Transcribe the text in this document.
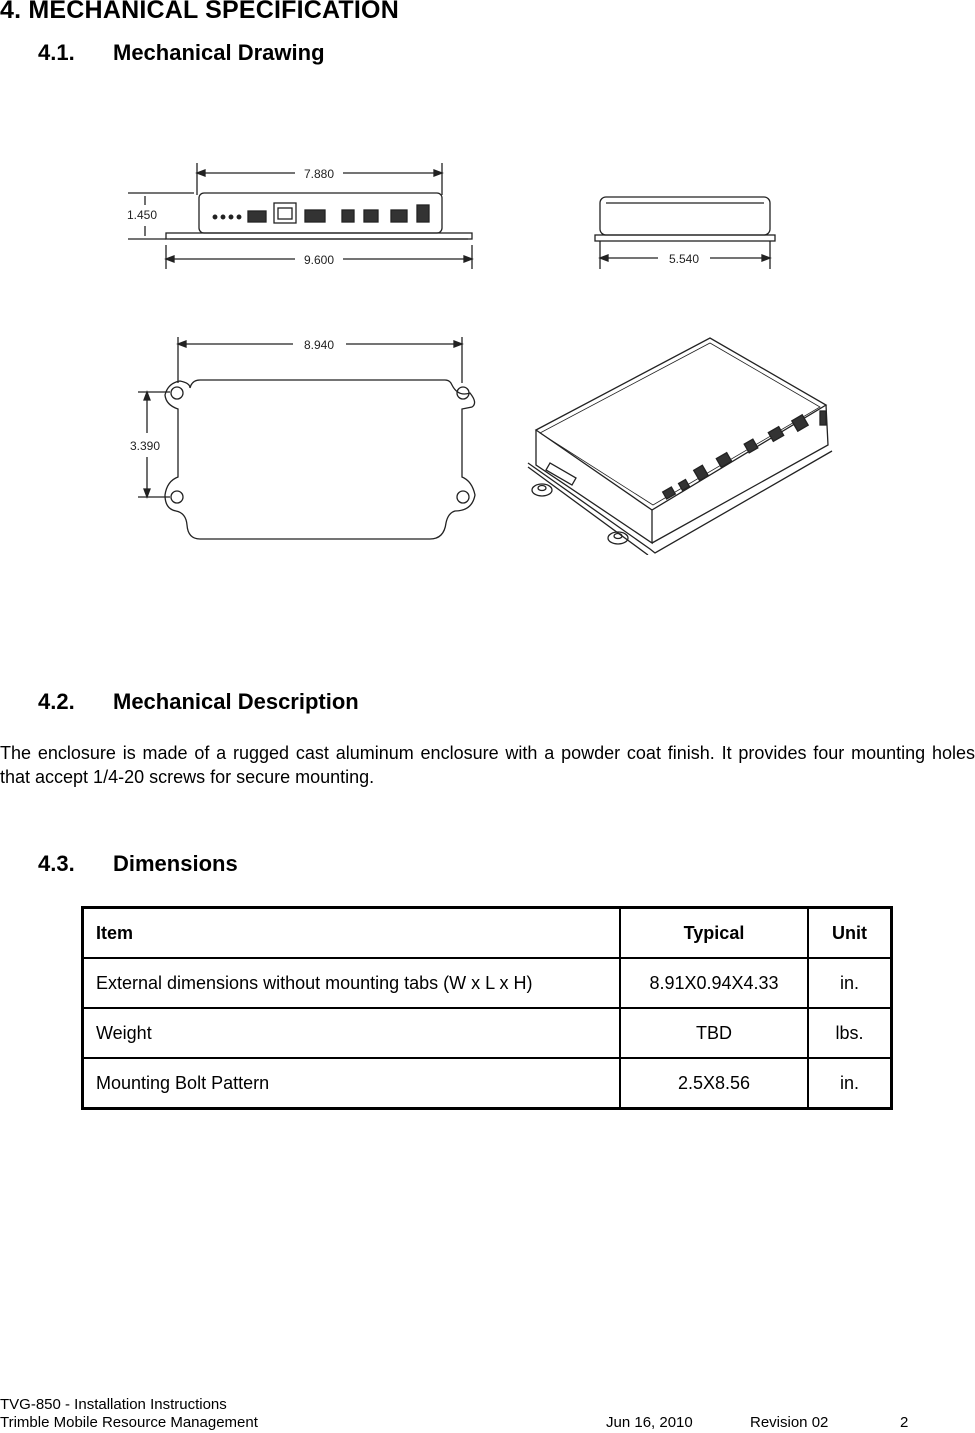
4. MECHANICAL SPECIFICATION
4.1. Mechanical Drawing
7.880
1.450
9.600	5.540
8.940
3.390
4.2. Mechanical Description

The enclosure is made of a rugged cast aluminum enclosure with a powder coat finish. It provides four mounting holes that accept 1/4-20 screws for secure mounting.

4.3. Dimensions
Item	Typical	Unit
External dimensions without mounting tabs (W x L x H)	8.91X0.94X4.33	in.
Weight	TBD	lbs.
Mounting Bolt Pattern	2.5X8.56	in.
TVG-850 - Installation Instructions
Trimble Mobile Resource Management	Jun 16, 2010	Revision 02	2
